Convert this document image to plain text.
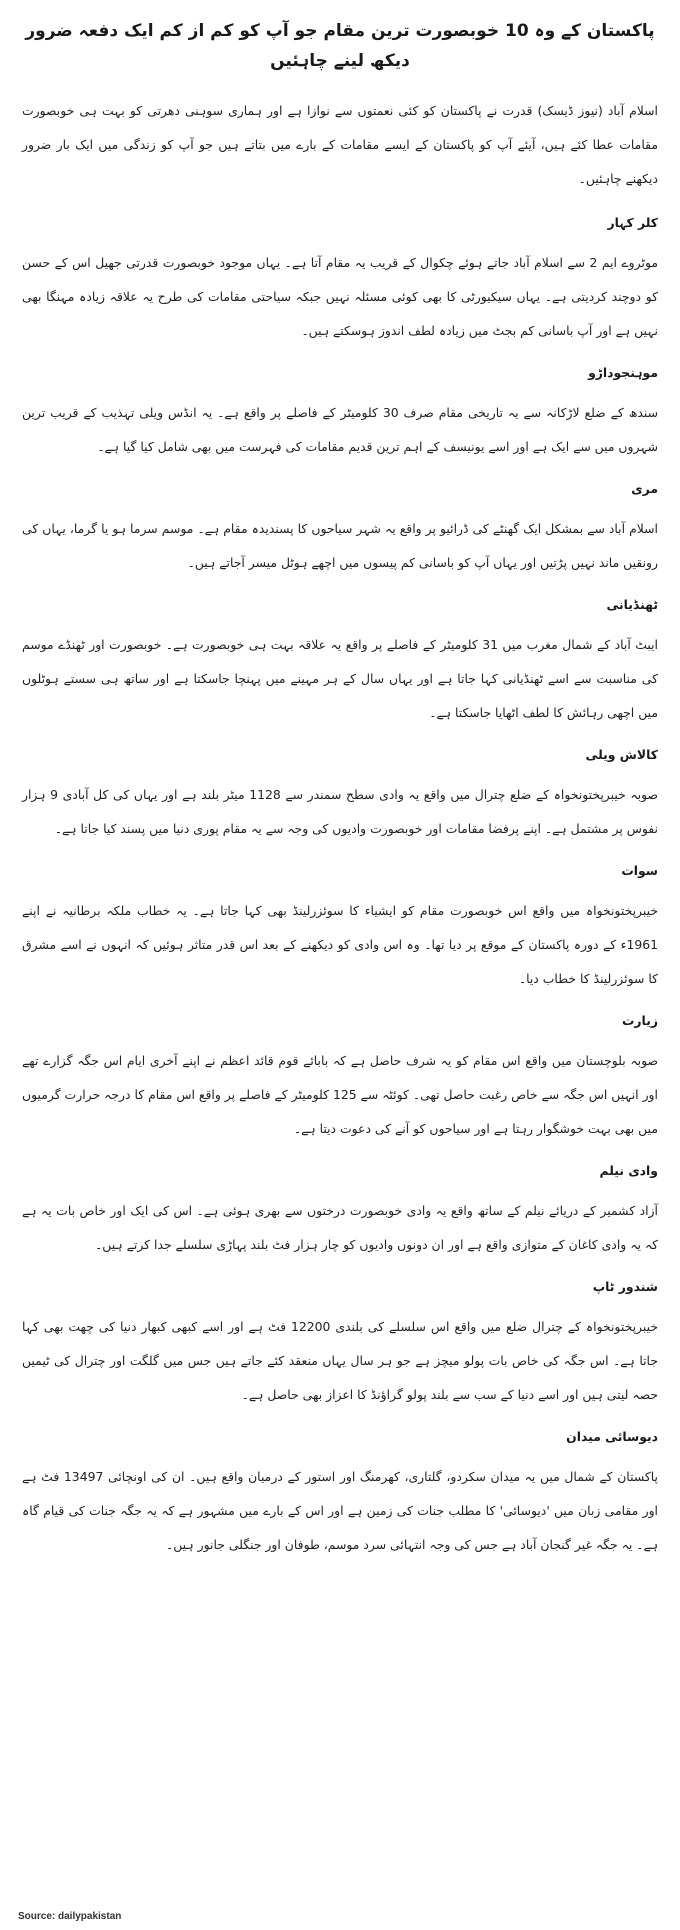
پاکستان کے وہ 10 خوبصورت ترین مقام جو آپ کو کم از کم ایک دفعہ ضرور دیکھ لینے چاہئیں

اسلام آباد (نیوز ڈیسک) قدرت نے پاکستان کو کئی نعمتوں سے نوازا ہے اور ہماری سوہنی دھرتی کو بہت ہی خوبصورت مقامات عطا کئے ہیں، آیئے آپ کو پاکستان کے ایسے مقامات کے بارے میں بتاتے ہیں جو آپ کو زندگی میں ایک بار ضرور دیکھنے چاہئیں۔

کلر کہار

موٹروے ایم 2 سے اسلام آباد جاتے ہوئے چکوال کے قریب یہ مقام آتا ہے۔ یہاں موجود خوبصورت قدرتی جھیل اس کے حسن کو دوچند کردیتی ہے۔ یہاں سیکیورٹی کا بھی کوئی مسئلہ نہیں جبکہ سیاحتی مقامات کی طرح یہ علاقہ زیادہ مہنگا بھی نہیں ہے اور آپ باسانی کم بجٹ میں زیادہ لطف اندوز ہوسکتے ہیں۔

موہنجوداڑو

سندھ کے ضلع لاڑکانہ سے یہ تاریخی مقام صرف 30 کلومیٹر کے فاصلے پر واقع ہے۔ یہ انڈس ویلی تہذیب کے قریب ترین شہروں میں سے ایک ہے اور اسے یونیسف کے اہم ترین قدیم مقامات کی فہرست میں بھی شامل کیا گیا ہے۔

مری

اسلام آباد سے بمشکل ایک گھنٹے کی ڈرائیو پر واقع یہ شہر سیاحوں کا پسندیدہ مقام ہے۔ موسم سرما ہو یا گرما، یہاں کی رونقیں ماند نہیں پڑتیں اور یہاں آپ کو باسانی کم پیسوں میں اچھے ہوٹل میسر آجاتے ہیں۔

ٹھنڈیانی

ایبٹ آباد کے شمال مغرب میں 31 کلومیٹر کے فاصلے پر واقع یہ علاقہ بہت ہی خوبصورت ہے۔ خوبصورت اور ٹھنڈے موسم کی مناسبت سے اسے ٹھنڈیانی کہا جاتا ہے اور یہاں سال کے ہر مہینے میں پہنچا جاسکتا ہے اور ساتھ ہی سستے ہوٹلوں میں اچھی رہائش کا لطف اٹھایا جاسکتا ہے۔

کالاش ویلی

صوبہ خیبرپختونخواہ کے ضلع چترال میں واقع یہ وادی سطح سمندر سے 1128 میٹر بلند ہے اور یہاں کی کل آبادی 9 ہزار نفوس پر مشتمل ہے۔ اپنے پرفضا مقامات اور خوبصورت وادیوں کی وجہ سے یہ مقام پوری دنیا میں پسند کیا جاتا ہے۔

سوات

خیبرپختونخواہ میں واقع اس خوبصورت مقام کو ایشیاء کا سوئزرلینڈ بھی کہا جاتا ہے۔ یہ خطاب ملکہ برطانیہ نے اپنے 1961ء کے دورہ پاکستان کے موقع پر دیا تھا۔ وہ اس وادی کو دیکھنے کے بعد اس قدر متاثر ہوئیں کہ انہوں نے اسے مشرق کا سوئزرلینڈ کا خطاب دیا۔

زیارت

صوبہ بلوچستان میں واقع اس مقام کو یہ شرف حاصل ہے کہ بابائے قوم قائد اعظم نے اپنے آخری ایام اس جگہ گزارے تھے اور انہیں اس جگہ سے خاص رغبت حاصل تھی۔ کوئٹہ سے 125 کلومیٹر کے فاصلے پر واقع اس مقام کا درجہ حرارت گرمیوں میں بھی بہت خوشگوار رہتا ہے اور سیاحوں کو آنے کی دعوت دیتا ہے۔

وادی نیلم

آزاد کشمیر کے دریائے نیلم کے ساتھ واقع یہ وادی خوبصورت درختوں سے بھری ہوئی ہے۔ اس کی ایک اور خاص بات یہ ہے کہ یہ وادی کاغان کے متوازی واقع ہے اور ان دونوں وادیوں کو چار ہزار فٹ بلند پہاڑی سلسلے جدا کرتے ہیں۔

شندور ٹاپ

خیبرپختونخواہ کے چترال ضلع میں واقع اس سلسلے کی بلندی 12200 فٹ ہے اور اسے کبھی کبھار دنیا کی چھت بھی کہا جاتا ہے۔ اس جگہ کی خاص بات پولو میچز ہے جو ہر سال یہاں منعقد کئے جاتے ہیں جس میں گلگت اور چترال کی ٹیمیں حصہ لیتی ہیں اور اسے دنیا کے سب سے بلند پولو گراﺅنڈ کا اعزاز بھی حاصل ہے۔

دیوسائی میدان

پاکستان کے شمال میں یہ میدان سکردو، گلتاری، کھرمنگ اور استور کے درمیان واقع ہیں۔ ان کی اونچائی 13497 فٹ ہے اور مقامی زبان میں 'دیوسائی' کا مطلب جنات کی زمین ہے اور اس کے بارے میں مشہور ہے کہ یہ جگہ جنات کی قیام گاہ ہے۔ یہ جگہ غیر گنجان آباد ہے جس کی وجہ انتہائی سرد موسم، طوفان اور جنگلی جانور ہیں۔

Source: dailypakistan
